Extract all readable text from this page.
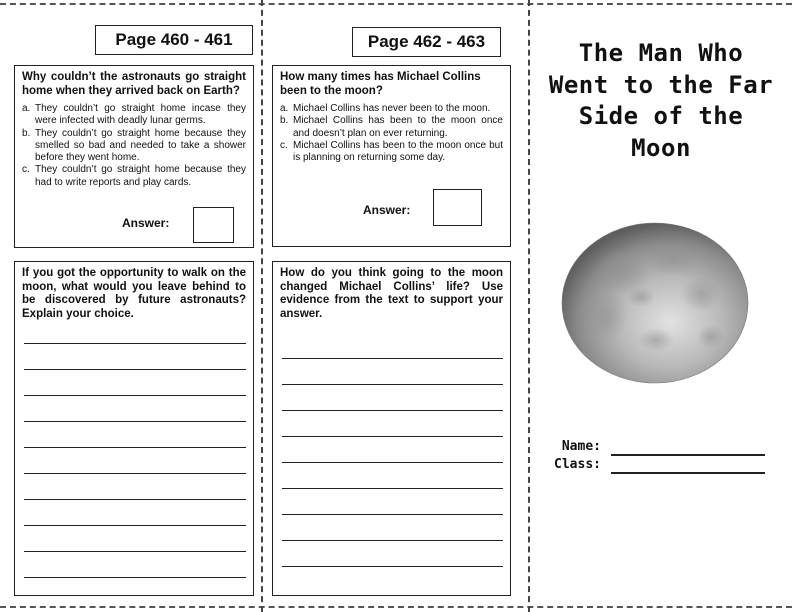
Page 460 - 461

Why couldn’t the astronauts go straight home when they arrived back on Earth?

a. They couldn’t go straight home incase they were infected with deadly lunar germs.
b. They couldn’t go straight home because they smelled so bad and needed to take a shower before they went home.
c. They couldn’t go straight home because they had to write reports and play cards.
Answer:

If you got the opportunity to walk on the moon, what would you leave behind to be discovered by future astronauts? Explain your choice.

Page 462 - 463

How many times has Michael Collins been to the moon?

a. Michael Collins has never been to the moon.
b. Michael Collins has been to the moon once and doesn’t plan on ever returning.
c. Michael Collins has been to the moon once but is planning on returning some day.
Answer:

How do you think going to the moon changed Michael Collins’ life? Use evidence from the text to support your answer.

The Man Who
Went to the Far
Side of the
Moon
Name:
Class:
